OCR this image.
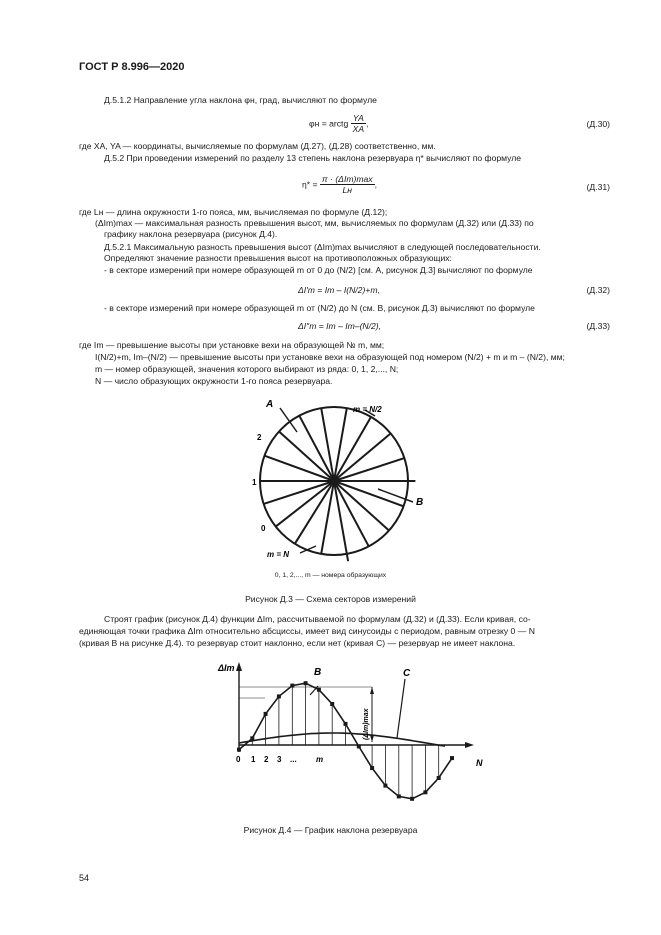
ГОСТ Р 8.996—2020
Д.5.1.2 Направление угла наклона φн, град, вычисляют по формуле
φн = arctg $\frac{YA}{XA}$ ,	(Д.30)
где XA, YA — координаты, вычисляемые по формулам (Д.27), (Д.28) соответственно, мм.
Д.5.2 При проведении измерений по разделу 13 степень наклона резервуара η* вычисляют по формуле
$\eta* = \frac{\text{π · (ΔIm)max}}{Lн}$ ,	(Д.31)
где Lн — длина окружности 1-го пояса, мм, вычисляемая по формуле (Д.12);
(ΔIm)max — максимальная разность превышения высот, мм, вычисляемых по формулам (Д.32) или (Д.33) по
графику наклона резервуара (рисунок Д.4).
Д.5.2.1 Максимальную разность превышения высот (ΔIm)max вычисляют в следующей последовательности.
Определяют значение разности превышения высот на противоположных образующих:
- в секторе измерений при номере образующей m от 0 до (N/2) [см. А, рисунок Д.3] вычисляют по формуле
ΔI′m = Im – I(N/2)+m,	(Д.32)
- в секторе измерений при номере образующей m от (N/2) до N (см. В, рисунок Д.3) вычисляют по формуле
ΔI″m = Im – Im–(N/2),	(Д.33)
где Im — превышение высоты при установке вехи на образующей № m, мм;
I(N/2)+m, Im–(N/2) — превышение высоты при установке вехи на образующей под номером (N/2) + m и m – (N/2), мм;
m — номер образующей, значения которого выбирают из ряда: 0, 1, 2,..., N;
N — число образующих окружности 1-го пояса резервуара.
А	m = N/2
В
m = N
2
1
0
0, 1, 2,..., m — номера образующих
Рисунок Д.3 — Схема секторов измерений
Строят график (рисунок Д.4) функции ΔIm, рассчитываемой по формулам (Д.32) и (Д.33). Если кривая, со-
единяющая точки графика ΔIm относительно абсциссы, имеет вид синусоиды с периодом, равным отрезку 0 — N
(кривая В на рисунке Д.4). то резервуар стоит наклонно, если нет (кривая С) — резервуар не имеет наклона.
(ΔIm)max
В	С
ΔIm
N
0 1 2 3 ... m
Рисунок Д.4 — График наклона резервуара
54
